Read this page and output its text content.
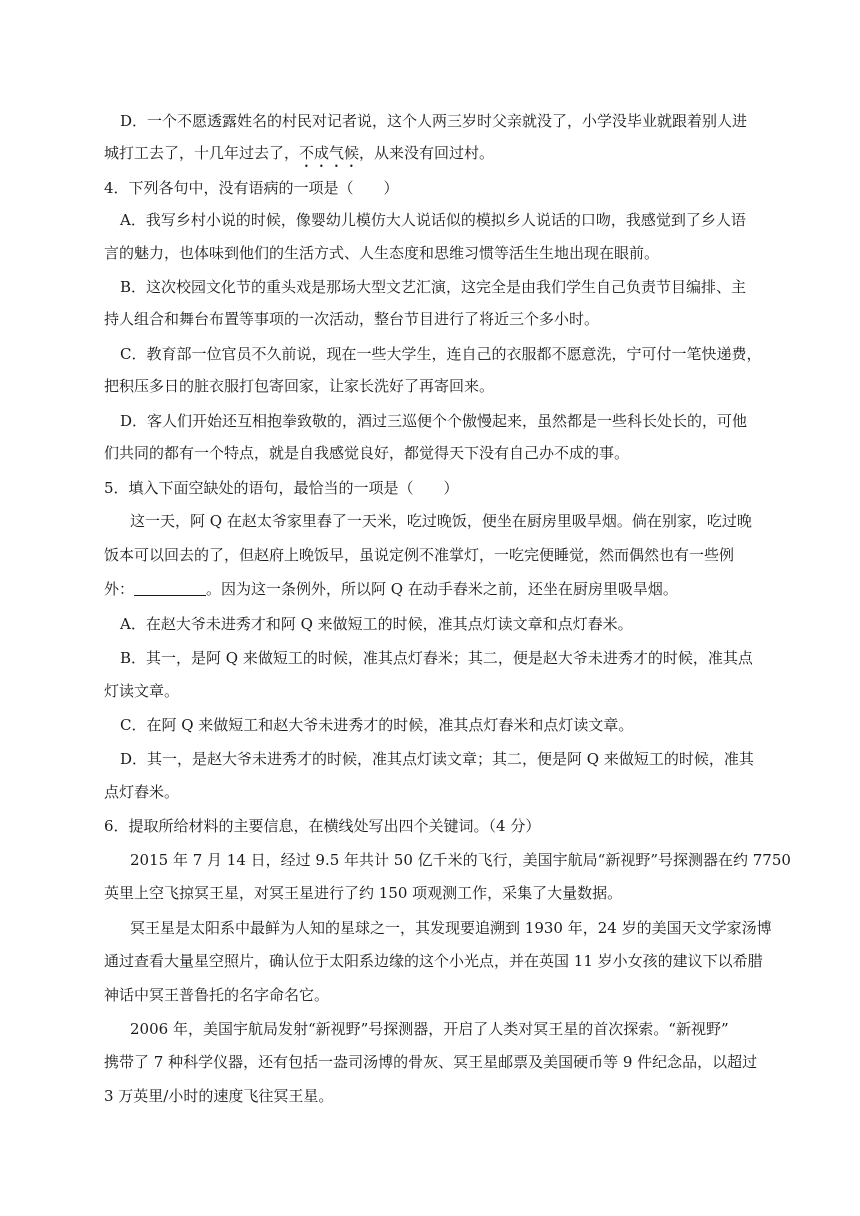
D．一个不愿透露姓名的村民对记者说，这个人两三岁时父亲就没了，小学没毕业就跟着别人进
城打工去了，十几年过去了，不成气候，从来没有回过村。
4．下列各句中，没有语病的一项是（　　）
A．我写乡村小说的时候，像婴幼儿模仿大人说话似的模拟乡人说话的口吻，我感觉到了乡人语
言的魅力，也体味到他们的生活方式、人生态度和思维习惯等活生生地出现在眼前。
B．这次校园文化节的重头戏是那场大型文艺汇演，这完全是由我们学生自己负责节目编排、主
持人组合和舞台布置等事项的一次活动，整台节目进行了将近三个多小时。
C．教育部一位官员不久前说，现在一些大学生，连自己的衣服都不愿意洗，宁可付一笔快递费，
把积压多日的脏衣服打包寄回家，让家长洗好了再寄回来。
D．客人们开始还互相抱拳致敬的，酒过三巡便个个傲慢起来，虽然都是一些科长处长的，可他
们共同的都有一个特点，就是自我感觉良好，都觉得天下没有自己办不成的事。
5．填入下面空缺处的语句，最恰当的一项是（　　）
这一天，阿 Q 在赵太爷家里舂了一天米，吃过晚饭，便坐在厨房里吸旱烟。倘在别家，吃过晚
饭本可以回去的了，但赵府上晚饭早，虽说定例不准掌灯，一吃完便睡觉，然而偶然也有一些例
外：	。因为这一条例外，所以阿 Q 在动手舂米之前，还坐在厨房里吸旱烟。
A．在赵大爷未进秀才和阿 Q 来做短工的时候，准其点灯读文章和点灯舂米。
B．其一，是阿 Q 来做短工的时候，准其点灯舂米；其二，便是赵大爷未进秀才的时候，准其点
灯读文章。
C．在阿 Q 来做短工和赵大爷未进秀才的时候，准其点灯舂米和点灯读文章。
D．其一，是赵大爷未进秀才的时候，准其点灯读文章；其二，便是阿 Q 来做短工的时候，准其
点灯舂米。
6．提取所给材料的主要信息，在横线处写出四个关键词。（4 分）
2015 年 7 月 14 日，经过 9.5 年共计 50 亿千米的飞行，美国宇航局“新视野”号探测器在约 7750
英里上空飞掠冥王星，对冥王星进行了约 150 项观测工作，采集了大量数据。
冥王星是太阳系中最鲜为人知的星球之一，其发现要追溯到 1930 年，24 岁的美国天文学家汤博
通过查看大量星空照片，确认位于太阳系边缘的这个小光点，并在英国 11 岁小女孩的建议下以希腊
神话中冥王普鲁托的名字命名它。
2006 年，美国宇航局发射“新视野”号探测器，开启了人类对冥王星的首次探索。“新视野”
携带了 7 种科学仪器，还有包括一盎司汤博的骨灰、冥王星邮票及美国硬币等 9 件纪念品，以超过
3 万英里/小时的速度飞往冥王星。
